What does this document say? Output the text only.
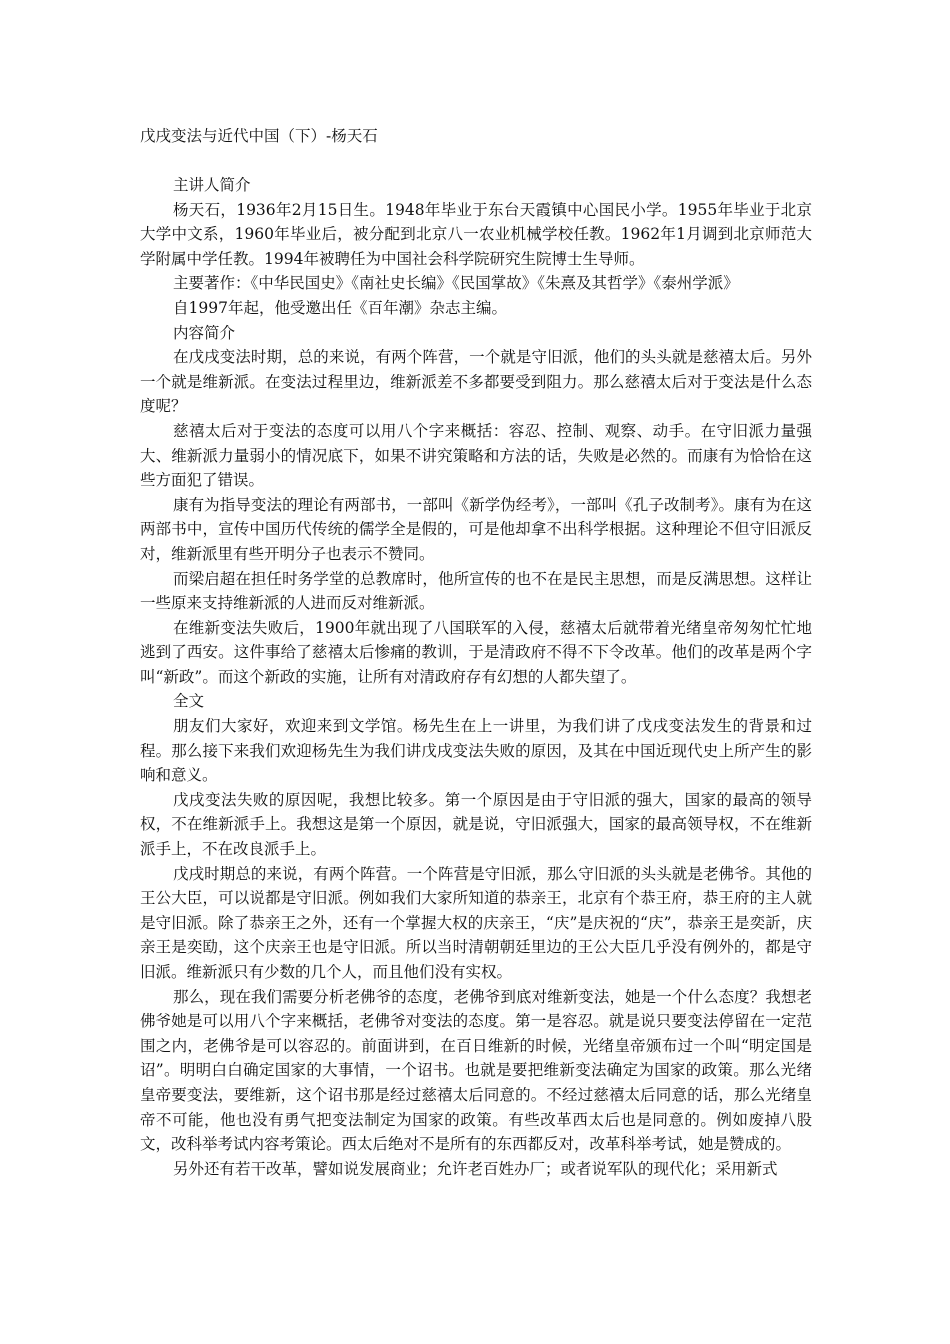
戊戌变法与近代中国（下）-杨天石

主讲人简介

杨天石，1936年2月15日生。1948年毕业于东台天霞镇中心国民小学。1955年毕业于北京大学中文系，1960年毕业后，被分配到北京八一农业机械学校任教。1962年1月调到北京师范大学附属中学任教。1994年被聘任为中国社会科学院研究生院博士生导师。

主要著作：《中华民国史》《南社史长编》《民国掌故》《朱熹及其哲学》《泰州学派》

自1997年起，他受邀出任《百年潮》杂志主编。

内容简介

在戊戌变法时期，总的来说，有两个阵营，一个就是守旧派，他们的头头就是慈禧太后。另外一个就是维新派。在变法过程里边，维新派差不多都要受到阻力。那么慈禧太后对于变法是什么态度呢？

慈禧太后对于变法的态度可以用八个字来概括：容忍、控制、观察、动手。在守旧派力量强大、维新派力量弱小的情况底下，如果不讲究策略和方法的话，失败是必然的。而康有为恰恰在这些方面犯了错误。

康有为指导变法的理论有两部书，一部叫《新学伪经考》，一部叫《孔子改制考》。康有为在这两部书中，宣传中国历代传统的儒学全是假的，可是他却拿不出科学根据。这种理论不但守旧派反对，维新派里有些开明分子也表示不赞同。

而梁启超在担任时务学堂的总教席时，他所宣传的也不在是民主思想，而是反满思想。这样让一些原来支持维新派的人进而反对维新派。

在维新变法失败后，1900年就出现了八国联军的入侵，慈禧太后就带着光绪皇帝匆匆忙忙地逃到了西安。这件事给了慈禧太后惨痛的教训，于是清政府不得不下令改革。他们的改革是两个字叫“新政”。而这个新政的实施，让所有对清政府存有幻想的人都失望了。

全文

朋友们大家好，欢迎来到文学馆。杨先生在上一讲里，为我们讲了戊戌变法发生的背景和过程。那么接下来我们欢迎杨先生为我们讲戊戌变法失败的原因，及其在中国近现代史上所产生的影响和意义。

戊戌变法失败的原因呢，我想比较多。第一个原因是由于守旧派的强大，国家的最高的领导权，不在维新派手上。我想这是第一个原因，就是说，守旧派强大，国家的最高领导权，不在维新派手上，不在改良派手上。

戊戌时期总的来说，有两个阵营。一个阵营是守旧派，那么守旧派的头头就是老佛爷。其他的王公大臣，可以说都是守旧派。例如我们大家所知道的恭亲王，北京有个恭王府，恭王府的主人就是守旧派。除了恭亲王之外，还有一个掌握大权的庆亲王，“庆”是庆祝的“庆”，恭亲王是奕訢，庆亲王是奕劻，这个庆亲王也是守旧派。所以当时清朝朝廷里边的王公大臣几乎没有例外的，都是守旧派。维新派只有少数的几个人，而且他们没有实权。

那么，现在我们需要分析老佛爷的态度，老佛爷到底对维新变法，她是一个什么态度？我想老佛爷她是可以用八个字来概括，老佛爷对变法的态度。第一是容忍。就是说只要变法停留在一定范围之内，老佛爷是可以容忍的。前面讲到，在百日维新的时候，光绪皇帝颁布过一个叫“明定国是诏”。明明白白确定国家的大事情，一个诏书。也就是要把维新变法确定为国家的政策。那么光绪皇帝要变法，要维新，这个诏书那是经过慈禧太后同意的。不经过慈禧太后同意的话，那么光绪皇帝不可能，他也没有勇气把变法制定为国家的政策。有些改革西太后也是同意的。例如废掉八股文，改科举考试内容考策论。西太后绝对不是所有的东西都反对，改革科举考试，她是赞成的。

另外还有若干改革，譬如说发展商业；允许老百姓办厂；或者说军队的现代化；采用新式
